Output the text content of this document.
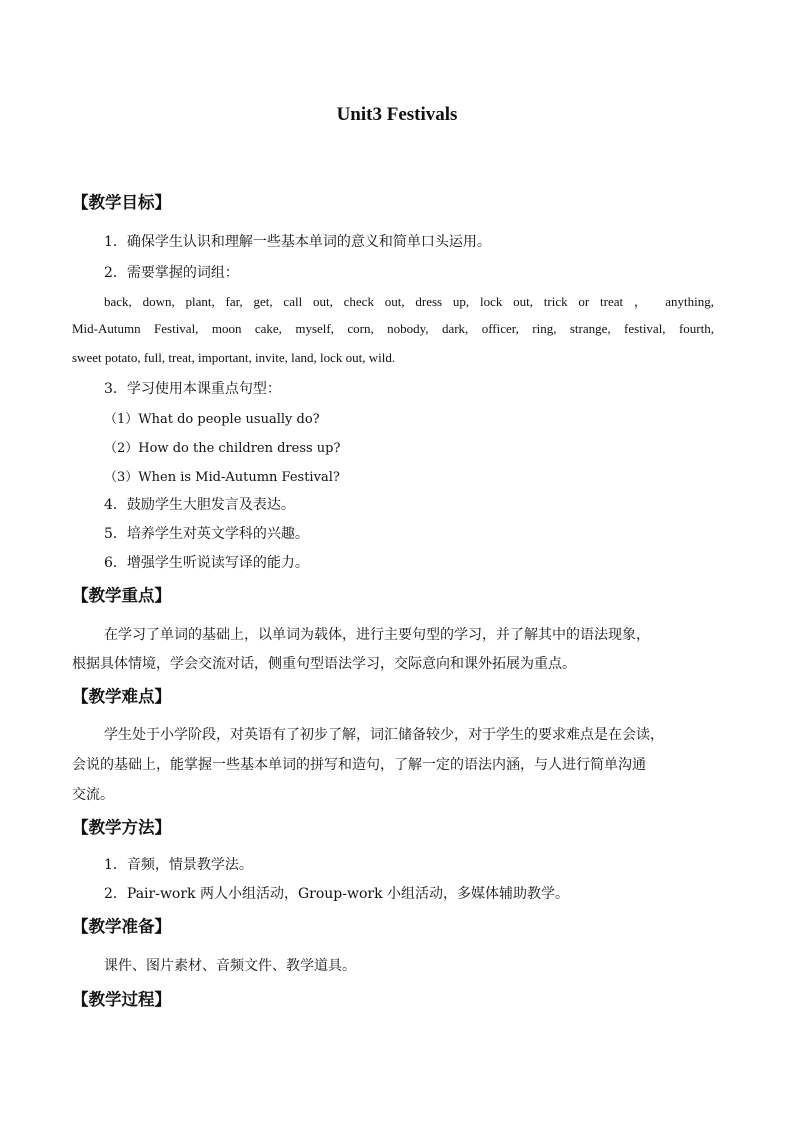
Unit3 Festivals
【教学目标】
1．确保学生认识和理解一些基本单词的意义和简单口头运用。
2．需要掌握的词组：
back, down, plant, far, get, call out, check out, dress up, lock out, trick or treat ， anything,
Mid-Autumn Festival, moon cake, myself, corn, nobody, dark, officer, ring, strange, festival, fourth,
sweet potato, full, treat, important, invite, land, lock out, wild.
3．学习使用本课重点句型：
（1）What do people usually do?
（2）How do the children dress up?
（3）When is Mid-Autumn Festival?
4．鼓励学生大胆发言及表达。
5．培养学生对英文学科的兴趣。
6．增强学生听说读写译的能力。
【教学重点】
在学习了单词的基础上，以单词为载体，进行主要句型的学习，并了解其中的语法现象，
根据具体情境，学会交流对话，侧重句型语法学习，交际意向和课外拓展为重点。
【教学难点】
学生处于小学阶段，对英语有了初步了解，词汇储备较少，对于学生的要求难点是在会读，
会说的基础上，能掌握一些基本单词的拼写和造句，了解一定的语法内涵，与人进行简单沟通
交流。
【教学方法】
1．音频，情景教学法。
2．Pair-work 两人小组活动，Group-work 小组活动，多媒体辅助教学。
【教学准备】
课件、图片素材、音频文件、教学道具。
【教学过程】
